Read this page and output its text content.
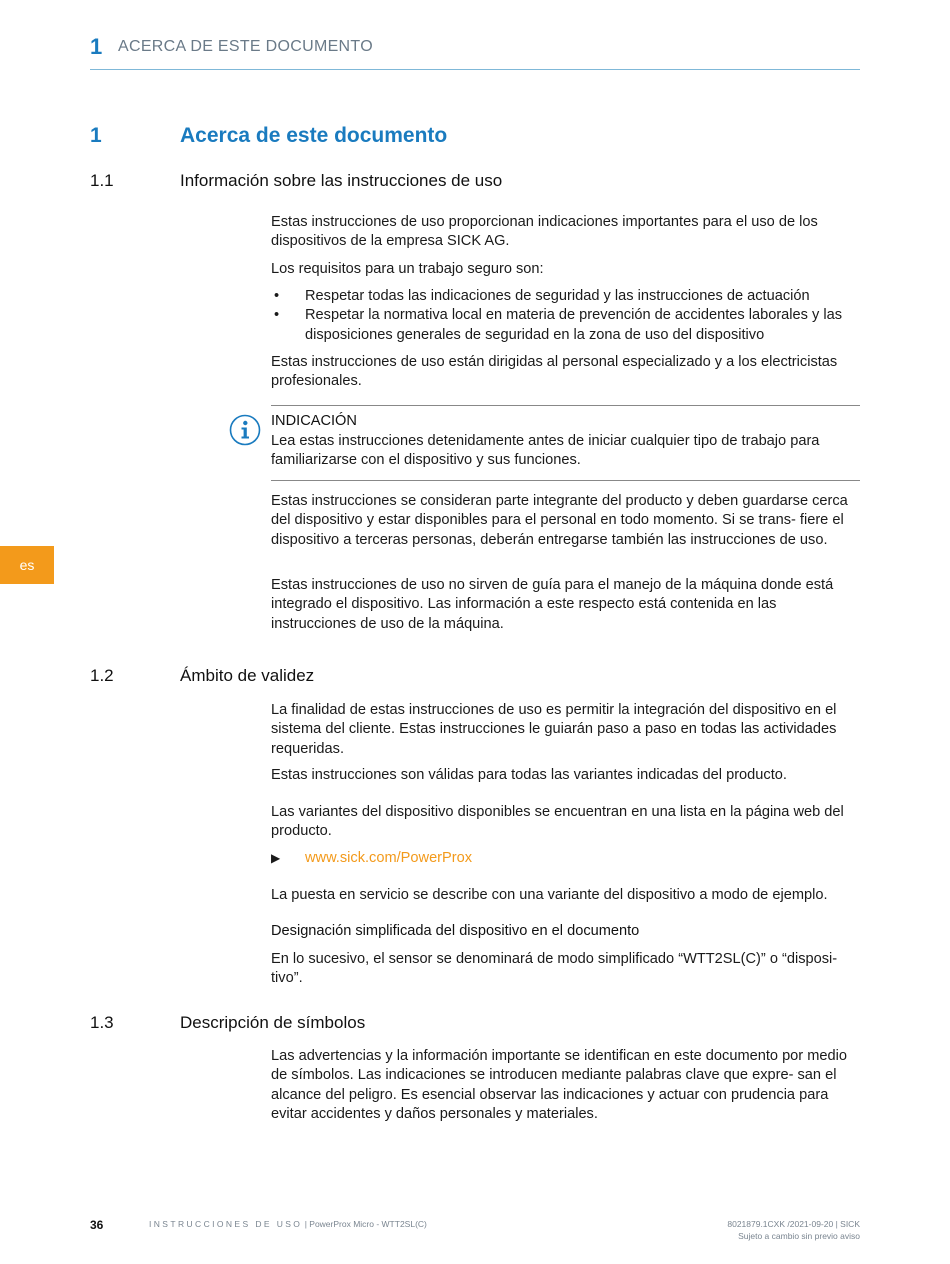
1 ACERCA DE ESTE DOCUMENTO
es
1	Acerca de este documento
1.1	Información sobre las instrucciones de uso

Estas instrucciones de uso proporcionan indicaciones importantes para el uso de los dispositivos de la empresa SICK AG.

Los requisitos para un trabajo seguro son:

• Respetar todas las indicaciones de seguridad y las instrucciones de actuación
• Respetar la normativa local en materia de prevención de accidentes laborales y las disposiciones generales de seguridad en la zona de uso del dispositivo

Estas instrucciones de uso están dirigidas al personal especializado y a los electricistas profesionales.

INDICACIÓN
Lea estas instrucciones detenidamente antes de iniciar cualquier tipo de trabajo para familiarizarse con el dispositivo y sus funciones.

Estas instrucciones se consideran parte integrante del producto y deben guardarse cerca del dispositivo y estar disponibles para el personal en todo momento. Si se trans- fiere el dispositivo a terceras personas, deberán entregarse también las instrucciones de uso.

Estas instrucciones de uso no sirven de guía para el manejo de la máquina donde está integrado el dispositivo. Las información a este respecto está contenida en las instrucciones de uso de la máquina.

1.2	Ámbito de validez

La finalidad de estas instrucciones de uso es permitir la integración del dispositivo en el sistema del cliente. Estas instrucciones le guiarán paso a paso en todas las actividades requeridas.

Estas instrucciones son válidas para todas las variantes indicadas del producto.

Las variantes del dispositivo disponibles se encuentran en una lista en la página web del producto.

▶ www.sick.com/PowerProx

La puesta en servicio se describe con una variante del dispositivo a modo de ejemplo.

Designación simplificada del dispositivo en el documento

En lo sucesivo, el sensor se denominará de modo simplificado “WTT2SL(C)” o “disposi- tivo”.

1.3	Descripción de símbolos

Las advertencias y la información importante se identifican en este documento por medio de símbolos. Las indicaciones se introducen mediante palabras clave que expre- san el alcance del peligro. Es esencial observar las indicaciones y actuar con prudencia para evitar accidentes y daños personales y materiales.

36	INSTRUCCIONES DE USO | PowerProx Micro - WTT2SL(C)	8021879.1CXK /2021-09-20 | SICK
Sujeto a cambio sin previo aviso
